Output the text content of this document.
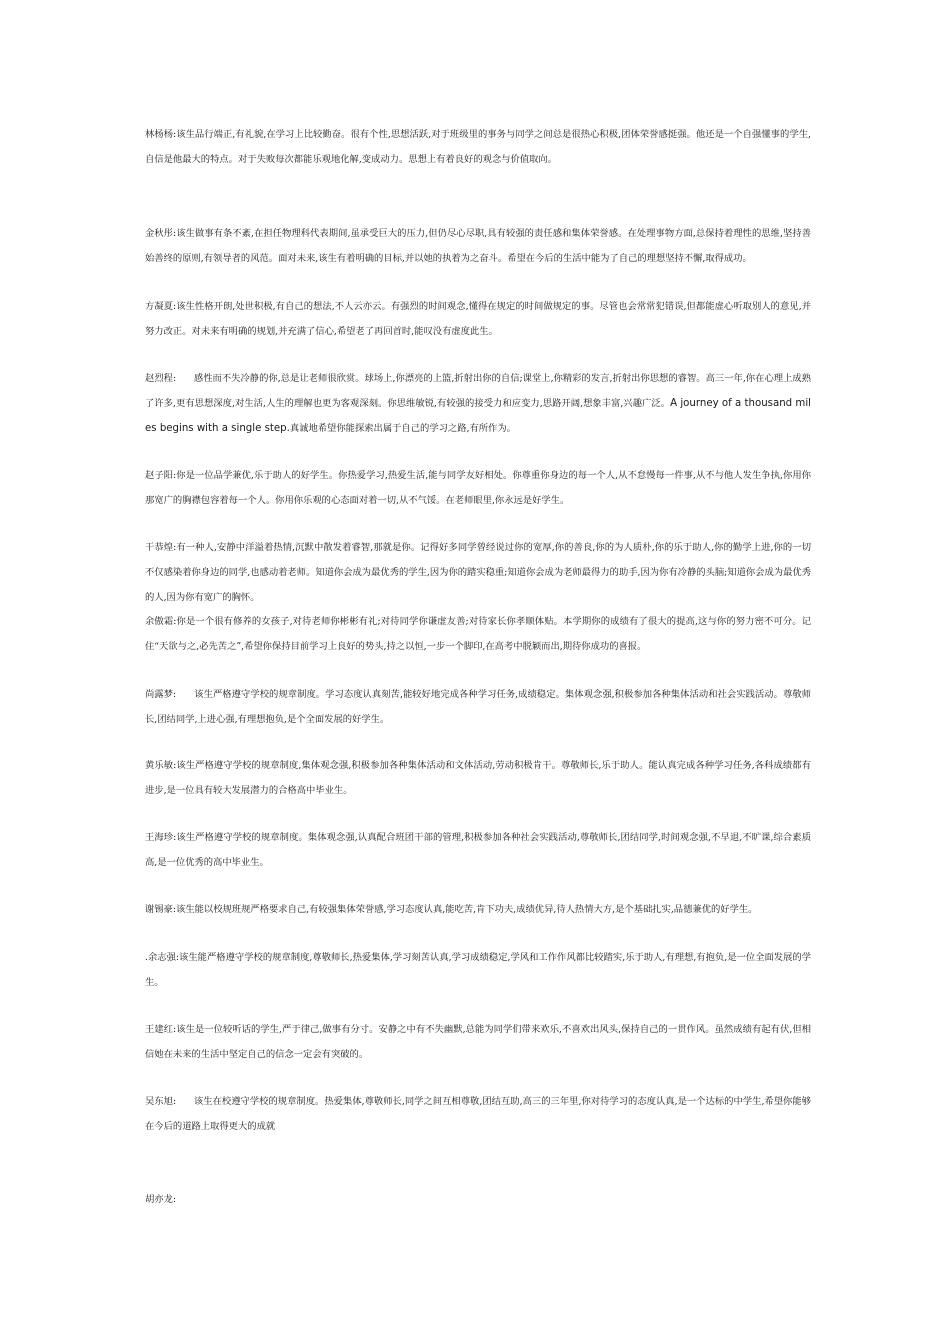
林杨杨:该生品行端正,有礼貌,在学习上比较勤奋。很有个性,思想活跃,对于班级里的事务与同学之间总是很热心积极,团体荣誉感挺强。他还是一个自强懂事的学生,自信是他最大的特点。对于失败每次都能乐观地化解,变成动力。思想上有着良好的观念与价值取向。

金秋彤:该生做事有条不紊,在担任物理科代表期间,虽承受巨大的压力,但仍尽心尽职,具有较强的责任感和集体荣誉感。在处理事物方面,总保持着理性的思维,坚持善始善终的原则,有领导者的风范。面对未来,该生有着明确的目标,并以她的执着为之奋斗。希望在今后的生活中能为了自己的理想坚持不懈,取得成功。

方凝夏:该生性格开朗,处世积极,有自己的想法,不人云亦云。有强烈的时间观念,懂得在规定的时间做规定的事。尽管也会常常犯错误,但都能虚心听取别人的意见,并努力改正。对未来有明确的规划,并充满了信心,希望老了再回首时,能叹没有虚度此生。

赵烈程:      感性而不失冷静的你,总是让老师很欣赏。球场上,你漂亮的上篮,折射出你的自信;课堂上,你精彩的发言,折射出你思想的睿智。高三一年,你在心理上成熟了许多,更有思想深度,对生活,人生的理解也更为客观深刻。你思维敏锐,有较强的接受力和应变力,思路开阔,想象丰富,兴趣广泛。A journey of a thousand miles begins with a single step.真诚地希望你能探索出属于自己的学习之路,有所作为。

赵子阳:你是一位品学兼优,乐于助人的好学生。你热爱学习,热爱生活,能与同学友好相处。你尊重你身边的每一个人,从不怠慢每一件事,从不与他人发生争执,你用你那宽广的胸襟包容着每一个人。你用你乐观的心态面对着一切,从不气馁。在老师眼里,你永远是好学生。

干恭煌:有一种人,安静中洋溢着热情,沉默中散发着睿智,那就是你。记得好多同学曾经说过你的宽厚,你的善良,你的为人质朴,你的乐于助人,你的勤学上进,你的一切不仅感染着你身边的同学,也感动着老师。知道你会成为最优秀的学生,因为你的踏实稳重;知道你会成为老师最得力的助手,因为你有冷静的头脑;知道你会成为最优秀的人,因为你有宽广的胸怀。

余傲霜:你是一个很有修养的女孩子,对待老师你彬彬有礼;对待同学你谦虚友善;对待家长你孝顺体贴。本学期你的成绩有了很大的提高,这与你的努力密不可分。记住“天欲与之,必先苦之”,希望你保持目前学习上良好的势头,持之以恒,一步一个脚印,在高考中脱颖而出,期待你成功的喜报。

尚露梦:      该生严格遵守学校的规章制度。学习态度认真刻苦,能较好地完成各种学习任务,成绩稳定。集体观念强,积极参加各种集体活动和社会实践活动。尊敬师长,团结同学,上进心强,有理想抱负,是个全面发展的好学生。

黄乐敏:该生严格遵守学校的规章制度,集体观念强,积极参加各种集体活动和文体活动,劳动积极肯干。尊敬师长,乐于助人。能认真完成各种学习任务,各科成绩都有进步,是一位具有较大发展潜力的合格高中毕业生。

王海珍:该生严格遵守学校的规章制度。集体观念强,认真配合班团干部的管理,积极参加各种社会实践活动,尊敬师长,团结同学,时间观念强,不早退,不旷课,综合素质高,是一位优秀的高中毕业生。

谢锡豪:该生能以校规班规严格要求自己,有较强集体荣誉感,学习态度认真,能吃苦,肯下功夫,成绩优异,待人热情大方,是个基础扎实,品德兼优的好学生。

.余志强:该生能严格遵守学校的规章制度,尊敬师长,热爱集体,学习刻苦认真,学习成绩稳定,学风和工作作风都比较踏实,乐于助人,有理想,有抱负,是一位全面发展的学生。

王建红:该生是一位较听话的学生,严于律己,做事有分寸。安静之中有不失幽默,总能为同学们带来欢乐,不喜欢出风头,保持自己的一贯作风。虽然成绩有起有伏,但相信她在未来的生活中坚定自己的信念一定会有突破的。

吴东旭:      该生在校遵守学校的规章制度。热爱集体,尊敬师长,同学之间互相尊敬,团结互助,高三的三年里,你对待学习的态度认真,是一个达标的中学生,希望你能够在今后的道路上取得更大的成就

胡亦龙:
